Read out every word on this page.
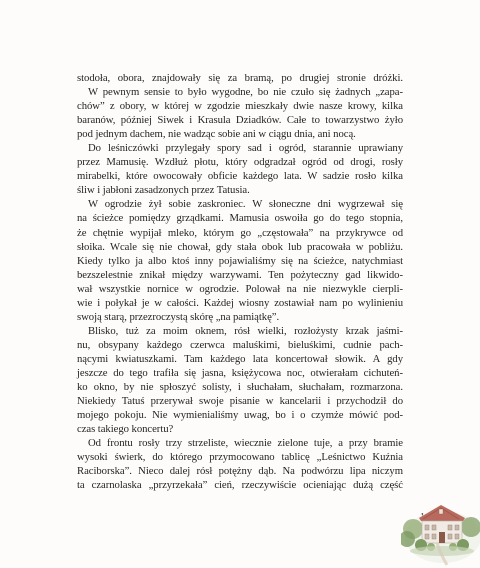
stodoła, obora, znajdowały się za bramą, po drugiej stronie dróżki.
W pewnym sensie to było wygodne, bo nie czuło się żadnych „zapa-
chów” z obory, w której w zgodzie mieszkały dwie nasze krowy, kilka
baranów, później Siwek i Krasula Dziadków. Całe to towarzystwo żyło
pod jednym dachem, nie wadząc sobie ani w ciągu dnia, ani nocą.

Do leśniczówki przylegały spory sad i ogród, starannie uprawiany
przez Mamusię. Wzdłuż płotu, który odgradzał ogród od drogi, rosły
mirabelki, które owocowały obficie każdego lata. W sadzie rosło kilka
śliw i jabłoni zasadzonych przez Tatusia.

W ogrodzie żył sobie zaskroniec. W słoneczne dni wygrzewał się
na ścieżce pomiędzy grządkami. Mamusia oswoiła go do tego stopnia,
że chętnie wypijał mleko, którym go „częstowała” na przykrywce od
słoika. Wcale się nie chował, gdy stała obok lub pracowała w pobliżu.
Kiedy tylko ja albo ktoś inny pojawialiśmy się na ścieżce, natychmiast
bezszelestnie znikał między warzywami. Ten pożyteczny gad likwido-
wał wszystkie nornice w ogrodzie. Polował na nie niezwykle cierpli-
wie i połykał je w całości. Każdej wiosny zostawiał nam po wylinieniu
swoją starą, przezroczystą skórę „na pamiątkę”.

Blisko, tuż za moim oknem, rósł wielki, rozłożysty krzak jaśmi-
nu, obsypany każdego czerwca maluśkimi, bieluśkimi, cudnie pach-
nącymi kwiatuszkami. Tam każdego lata koncertował słowik. A gdy
jeszcze do tego trafiła się jasna, księżycowa noc, otwierałam cichuteń-
ko okno, by nie spłoszyć solisty, i słuchałam, słuchałam, rozmarzona.
Niekiedy Tatuś przerywał swoje pisanie w kancelarii i przychodził do
mojego pokoju. Nie wymienialiśmy uwag, bo i o czymże mówić pod-
czas takiego koncertu?

Od frontu rosły trzy strzeliste, wiecznie zielone tuje, a przy bramie
wysoki świerk, do którego przymocowano tablicę „Leśnictwo Kuźnia
Raciborska”. Nieco dalej rósł potężny dąb. Na podwórzu lipa niczym
ta czarnolaska „przyrzekała” cień, rzeczywiście ocieniając dużą część
